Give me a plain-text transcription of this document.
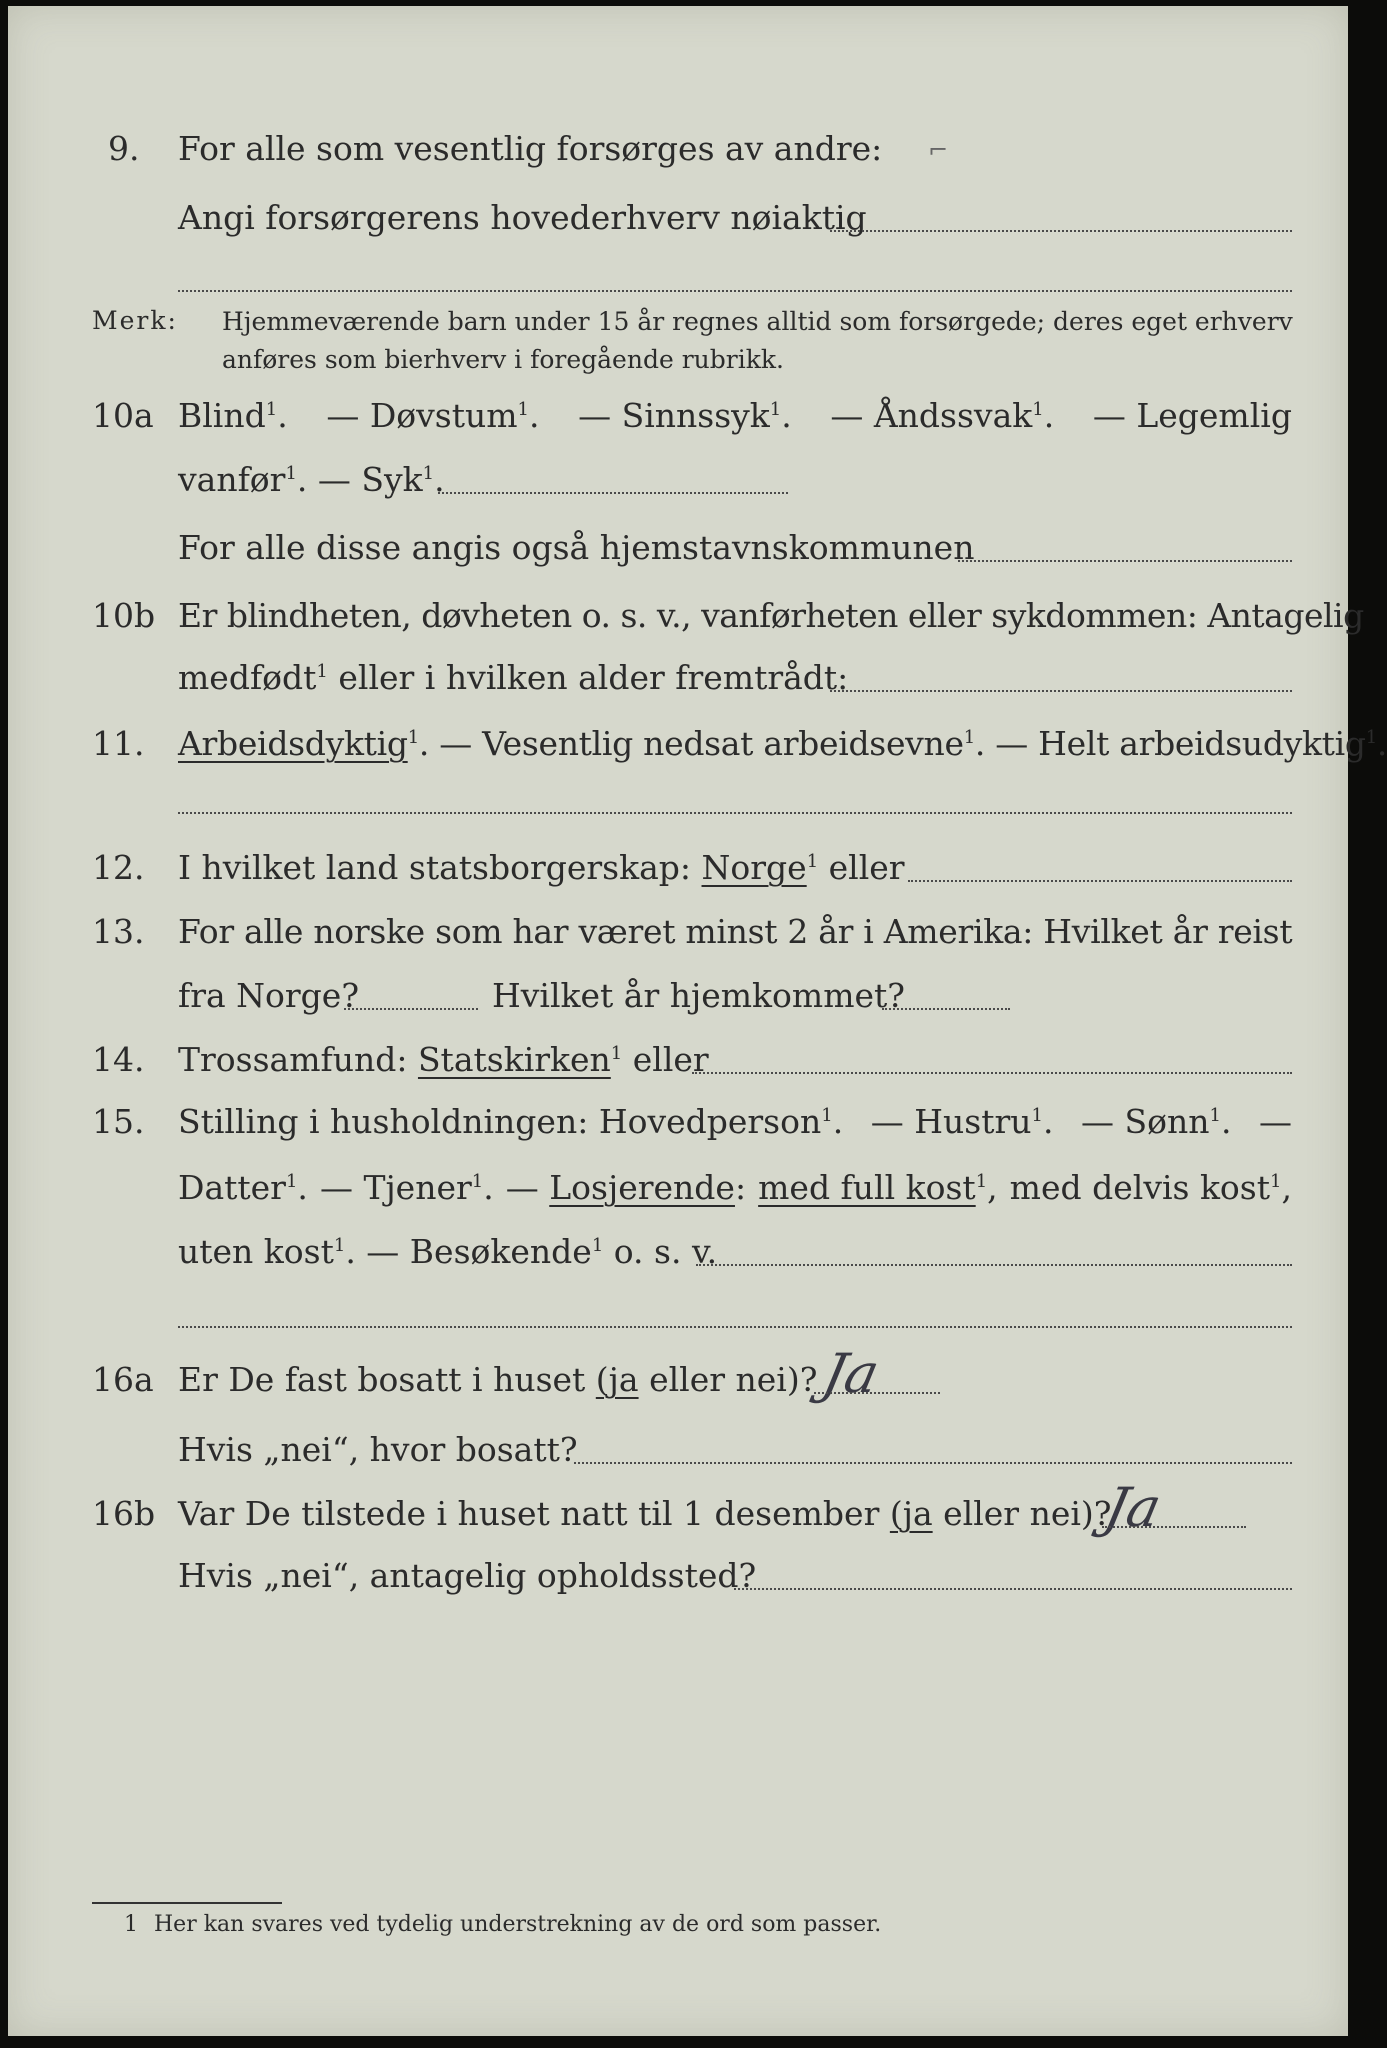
9. For alle som vesentlig forsørges av andre: ⌐
Angi forsørgerens hovederhverv nøiaktig
Merk: Hjemmeværende barn under 15 år regnes alltid som forsørgede; deres eget erhverv
anføres som bierhverv i foregående rubrikk.
10a Blind$^1$. — Døvstum$^1$. — Sinnssyk$^1$. — Åndssvak$^1$. — Legemlig
vanfør$^1$. — Syk$^1$.
For alle disse angis også hjemstavnskommunen
10b Er blindheten, døvheten o. s. v., vanførheten eller sykdommen: Antagelig
medfødt$^1$ eller i hvilken alder fremtrådt:
11. Arbeidsdyktig$^1$. — Vesentlig nedsat arbeidsevne$^1$. — Helt arbeidsudyktig$^1$.
12. I hvilket land statsborgerskap: Norge$^1$ eller
13. For alle norske som har været minst 2 år i Amerika: Hvilket år reist
fra Norge?	Hvilket år hjemkommet?
14. Trossamfund: Statskirken$^1$ eller
15. Stilling i husholdningen: Hovedperson$^1$. — Hustru$^1$. — Sønn$^1$. —
Datter$^1$. — Tjener$^1$. — Losjerende: med full kost$^1$, med delvis kost$^1$,
uten kost$^1$. — Besøkende$^1$ o. s. v.
16a Er De fast bosatt i huset (ja eller nei)? Ja
Hvis „nei“, hvor bosatt?
16b Var De tilstede i huset natt til 1 desember (ja eller nei)?
Ja
Hvis „nei“, antagelig opholdssted?
1 Her kan svares ved tydelig understrekning av de ord som passer.
